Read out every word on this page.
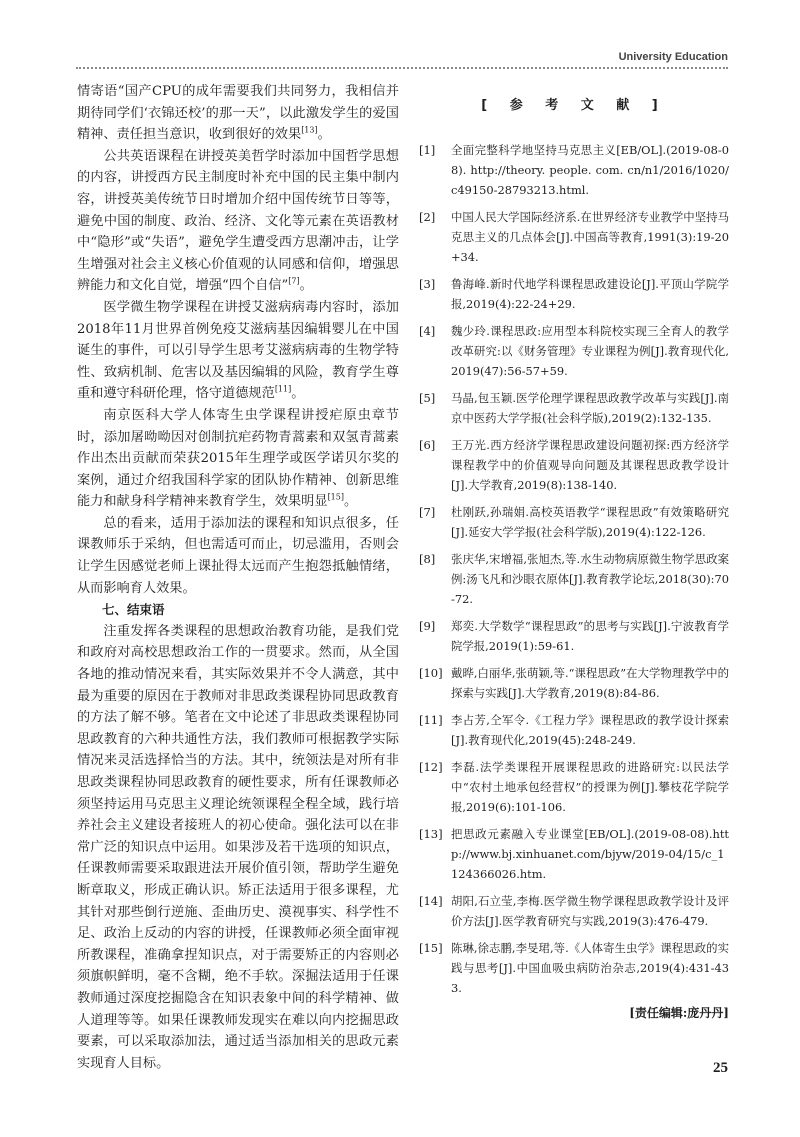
University Education

情寄语“国产CPU的成年需要我们共同努力，我相信并期待同学们‘衣锦还校’的那一天”，以此激发学生的爱国精神、责任担当意识，收到很好的效果[13]。

公共英语课程在讲授英美哲学时添加中国哲学思想的内容，讲授西方民主制度时补充中国的民主集中制内容，讲授英美传统节日时增加介绍中国传统节日等等，避免中国的制度、政治、经济、文化等元素在英语教材中“隐形”或“失语”，避免学生遭受西方思潮冲击，让学生增强对社会主义核心价值观的认同感和信仰，增强思辨能力和文化自觉，增强“四个自信”[7]。

医学微生物学课程在讲授艾滋病病毒内容时，添加2018年11月世界首例免疫艾滋病基因编辑婴儿在中国诞生的事件，可以引导学生思考艾滋病病毒的生物学特性、致病机制、危害以及基因编辑的风险，教育学生尊重和遵守科研伦理，恪守道德规范[11]。

南京医科大学人体寄生虫学课程讲授疟原虫章节时，添加屠呦呦因对创制抗疟药物青蒿素和双氢青蒿素作出杰出贡献而荣获2015年生理学或医学诺贝尔奖的案例，通过介绍我国科学家的团队协作精神、创新思维能力和献身科学精神来教育学生，效果明显[15]。

总的看来，适用于添加法的课程和知识点很多，任课教师乐于采纳，但也需适可而止，切忌滥用，否则会让学生因感觉老师上课扯得太远而产生抱怨抵触情绪，从而影响育人效果。

七、结束语

注重发挥各类课程的思想政治教育功能，是我们党和政府对高校思想政治工作的一贯要求。然而，从全国各地的推动情况来看，其实际效果并不令人满意，其中最为重要的原因在于教师对非思政类课程协同思政教育的方法了解不够。笔者在文中论述了非思政类课程协同思政教育的六种共通性方法，我们教师可根据教学实际情况来灵活选择恰当的方法。其中，统领法是对所有非思政类课程协同思政教育的硬性要求，所有任课教师必须坚持运用马克思主义理论统领课程全程全域，践行培养社会主义建设者接班人的初心使命。强化法可以在非常广泛的知识点中运用。如果涉及若干选项的知识点，任课教师需要采取跟进法开展价值引领，帮助学生避免断章取义，形成正确认识。矫正法适用于很多课程，尤其针对那些倒行逆施、歪曲历史、漠视事实、科学性不足、政治上反动的内容的讲授，任课教师必须全面审视所教课程，准确拿捏知识点，对于需要矫正的内容则必须旗帜鲜明，毫不含糊，绝不手软。深掘法适用于任课教师通过深度挖掘隐含在知识表象中间的科学精神、做人道理等等。如果任课教师发现实在难以向内挖掘思政要素，可以采取添加法，通过适当添加相关的思政元素实现育人目标。

[ 参 考 文 献 ]
[1] 全面完整科学地坚持马克思主义[EB/OL].(2019-08-08). http://theory. people. com. cn/n1/2016/1020/c49150-28793213.html.
[2] 中国人民大学国际经济系.在世界经济专业教学中坚持马克思主义的几点体会[J].中国高等教育,1991(3):19-20+34.
[3] 鲁海峰.新时代地学科课程思政建设论[J].平顶山学院学报,2019(4):22-24+29.
[4] 魏少玲.课程思政:应用型本科院校实现三全育人的教学改革研究:以《财务管理》专业课程为例[J].教育现代化,2019(47):56-57+59.
[5] 马晶,包玉颖.医学伦理学课程思政教学改革与实践[J].南京中医药大学学报(社会科学版),2019(2):132-135.
[6] 王万光.西方经济学课程思政建设问题初探:西方经济学课程教学中的价值观导向问题及其课程思政教学设计[J].大学教育,2019(8):138-140.
[7] 杜刚跃,孙瑞娟.高校英语教学“课程思政”有效策略研究[J].延安大学学报(社会科学版),2019(4):122-126.
[8] 张庆华,宋增福,张旭杰,等.水生动物病原微生物学思政案例:汤飞凡和沙眼衣原体[J].教育教学论坛,2018(30):70-72.
[9] 郑奕.大学数学“课程思政”的思考与实践[J].宁波教育学院学报,2019(1):59-61.
[10] 戴晔,白丽华,张萌颖,等.“课程思政”在大学物理教学中的探索与实践[J].大学教育,2019(8):84-86.
[11] 李占芳,仝军令.《工程力学》课程思政的教学设计探索[J].教育现代化,2019(45):248-249.
[12] 李磊.法学类课程开展课程思政的进路研究:以民法学中“农村土地承包经营权”的授课为例[J].攀枝花学院学报,2019(6):101-106.
[13] 把思政元素融入专业课堂[EB/OL].(2019-08-08).http://www.bj.xinhuanet.com/bjyw/2019-04/15/c_1124366026.htm.
[14] 胡阳,石立莹,李梅.医学微生物学课程思政教学设计及评价方法[J].医学教育研究与实践,2019(3):476-479.
[15] 陈琳,徐志鹏,李旻珺,等.《人体寄生虫学》课程思政的实践与思考[J].中国血吸虫病防治杂志,2019(4):431-433.
[责任编辑:庞丹丹]
25
